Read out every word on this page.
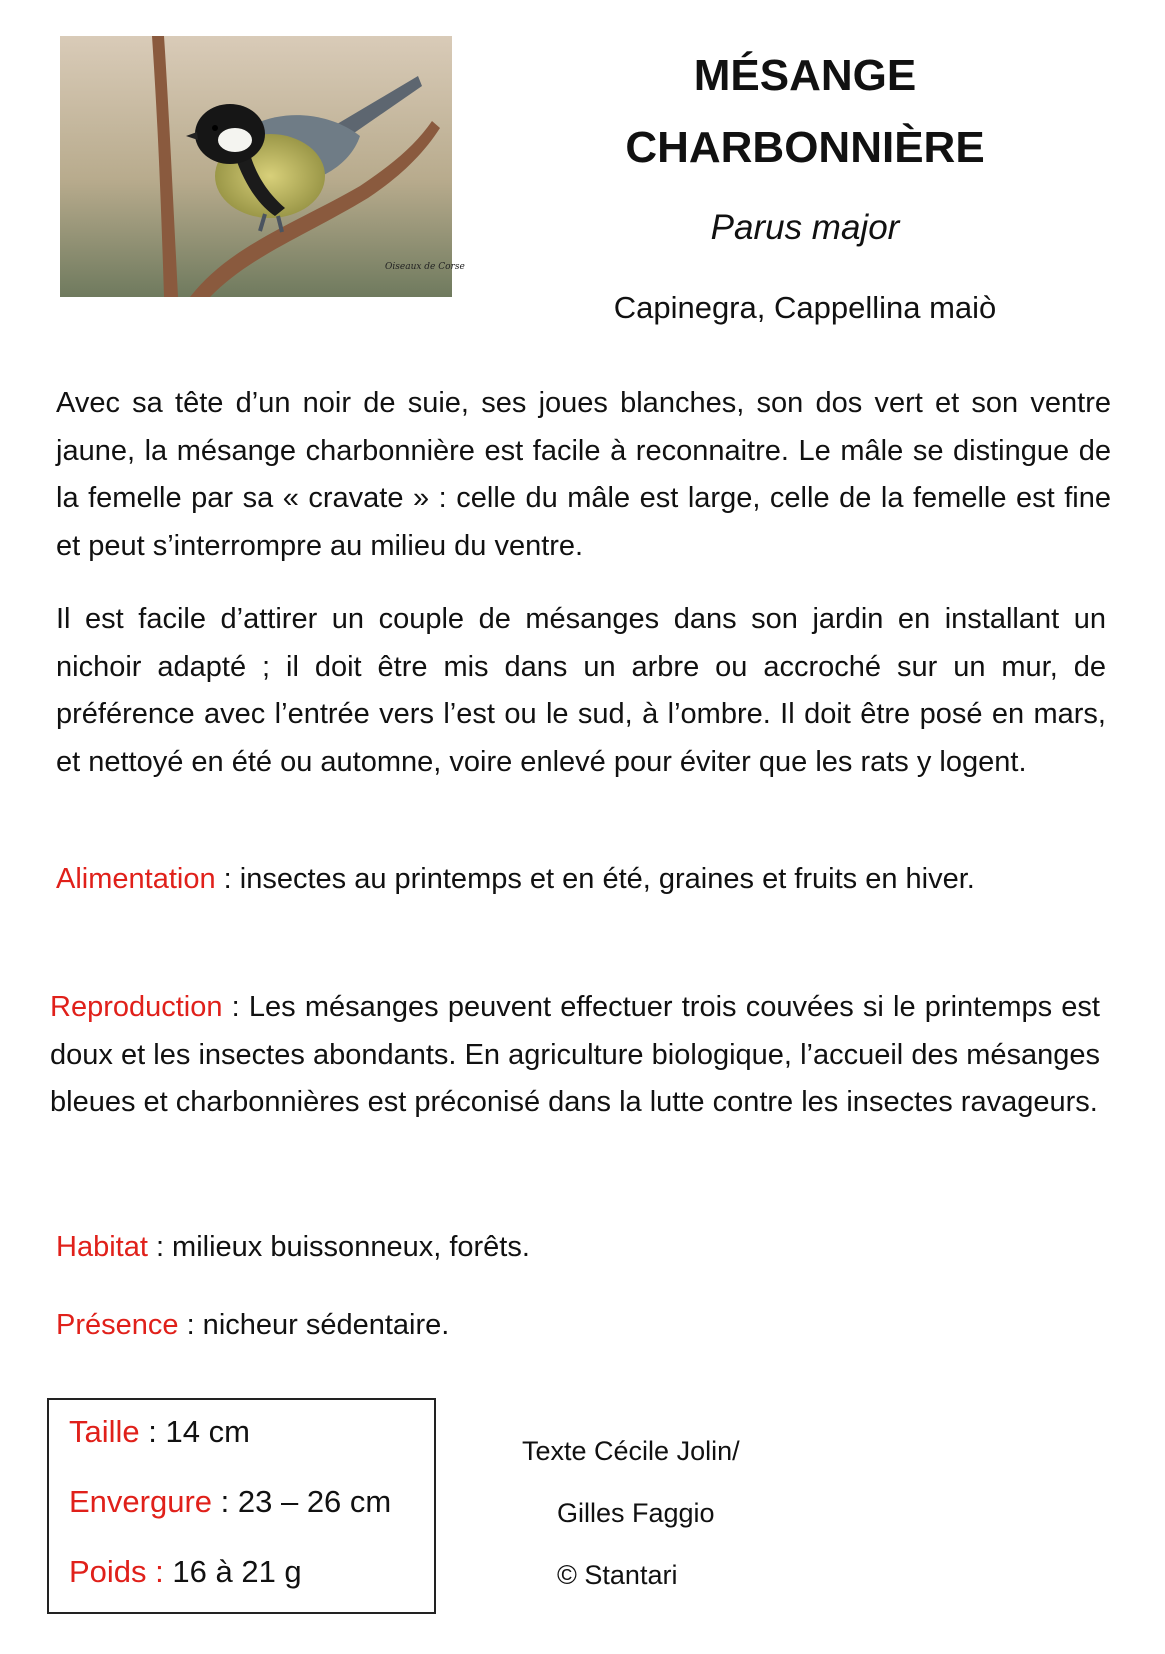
Oiseaux de Corse
MÉSANGE
CHARBONNIÈRE
Parus major
Capinegra, Cappellina maiò

Avec sa tête d’un noir de suie, ses joues blanches, son dos vert et son ventre jaune, la mésange charbonnière est facile à reconnaitre. Le mâle se distingue de la femelle par sa « cravate » : celle du mâle est large, celle de la femelle est fine et peut s’interrompre au milieu du ventre.

Il est facile d’attirer un couple de mésanges dans son jardin en installant un nichoir adapté ; il doit être mis dans un arbre ou accroché sur un mur, de préférence avec l’entrée vers l’est ou le sud, à l’ombre. Il doit être posé en mars, et nettoyé en été ou automne, voire enlevé pour éviter que les rats y logent.

Alimentation : insectes au printemps et en été, graines et fruits en hiver.

Reproduction : Les mésanges peuvent effectuer trois couvées si le printemps est doux et les insectes abondants. En agriculture biologique, l’accueil des mésanges bleues et charbonnières est préconisé dans la lutte contre les insectes ravageurs.

Habitat : milieux buissonneux, forêts.

Présence : nicheur sédentaire.

Taille : 14 cm
Envergure : 23 – 26 cm
Poids : 16 à 21 g
Texte Cécile Jolin/
Gilles Faggio
© Stantari
